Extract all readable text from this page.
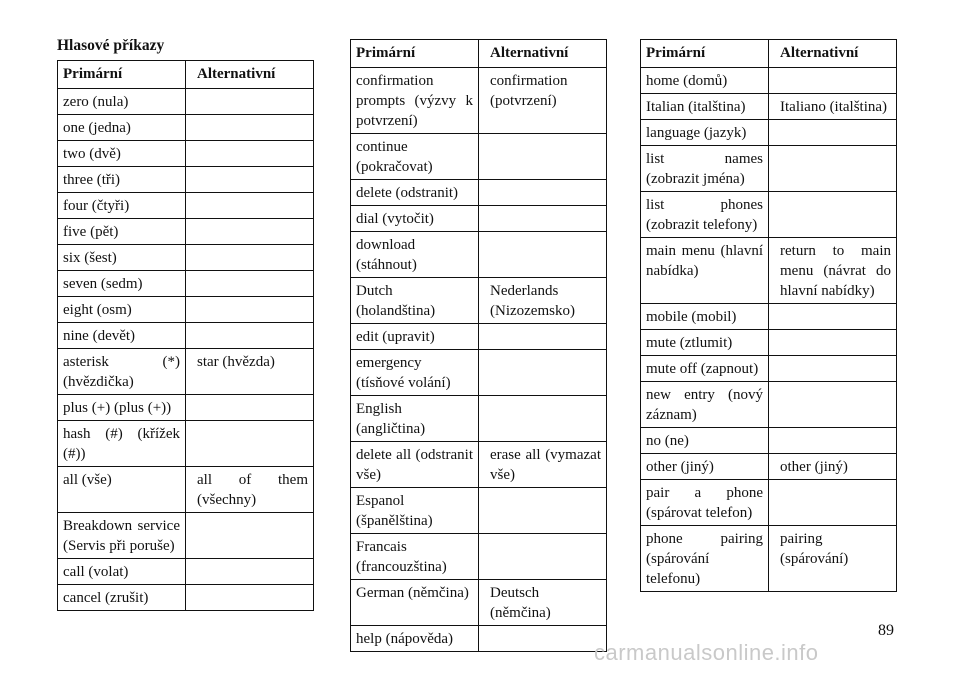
Hlasové příkazy
Primární	Alternativní
zero (nula)	
one (jedna)	
two (dvě)	
three (tři)	
four (čtyři)	
five (pět)	
six (šest)	
seven (sedm)	
eight (osm)	
nine (devět)	
asterisk (*) (hvězdička)	star (hvězda)
plus (+) (plus (+))	
hash (#) (křížek (#))	
all (vše)	all of them (všechny)
Breakdown service (Servis při poruše)	
call (volat)	
cancel (zrušit)	
Primární	Alternativní
confirmation prompts (výzvy k potvrzení)	confirmation (potvrzení)
continue (pokračovat)	
delete (odstranit)	
dial (vytočit)	
download (stáhnout)	
Dutch (holandština)	Nederlands (Nizozemsko)
edit (upravit)	
emergency (tísňové volání)	
English (angličtina)	
delete all (odstranit vše)	erase all (vymazat vše)
Espanol (španělština)	
Francais (francouzština)	
German (němčina)	Deutsch (němčina)
help (nápověda)	
Primární	Alternativní
home (domů)	
Italian (italština)	Italiano (italština)
language (jazyk)	
list names (zobrazit jména)	
list phones (zobrazit telefony)	
main menu (hlavní nabídka)	return to main menu (návrat do hlavní nabídky)
mobile (mobil)	
mute (ztlumit)	
mute off (zapnout)	
new entry (nový záznam)	
no (ne)	
other (jiný)	other (jiný)
pair a phone (spárovat telefon)	
phone pairing (spárování telefonu)	pairing (spárování)
89
carmanualsonline.info
